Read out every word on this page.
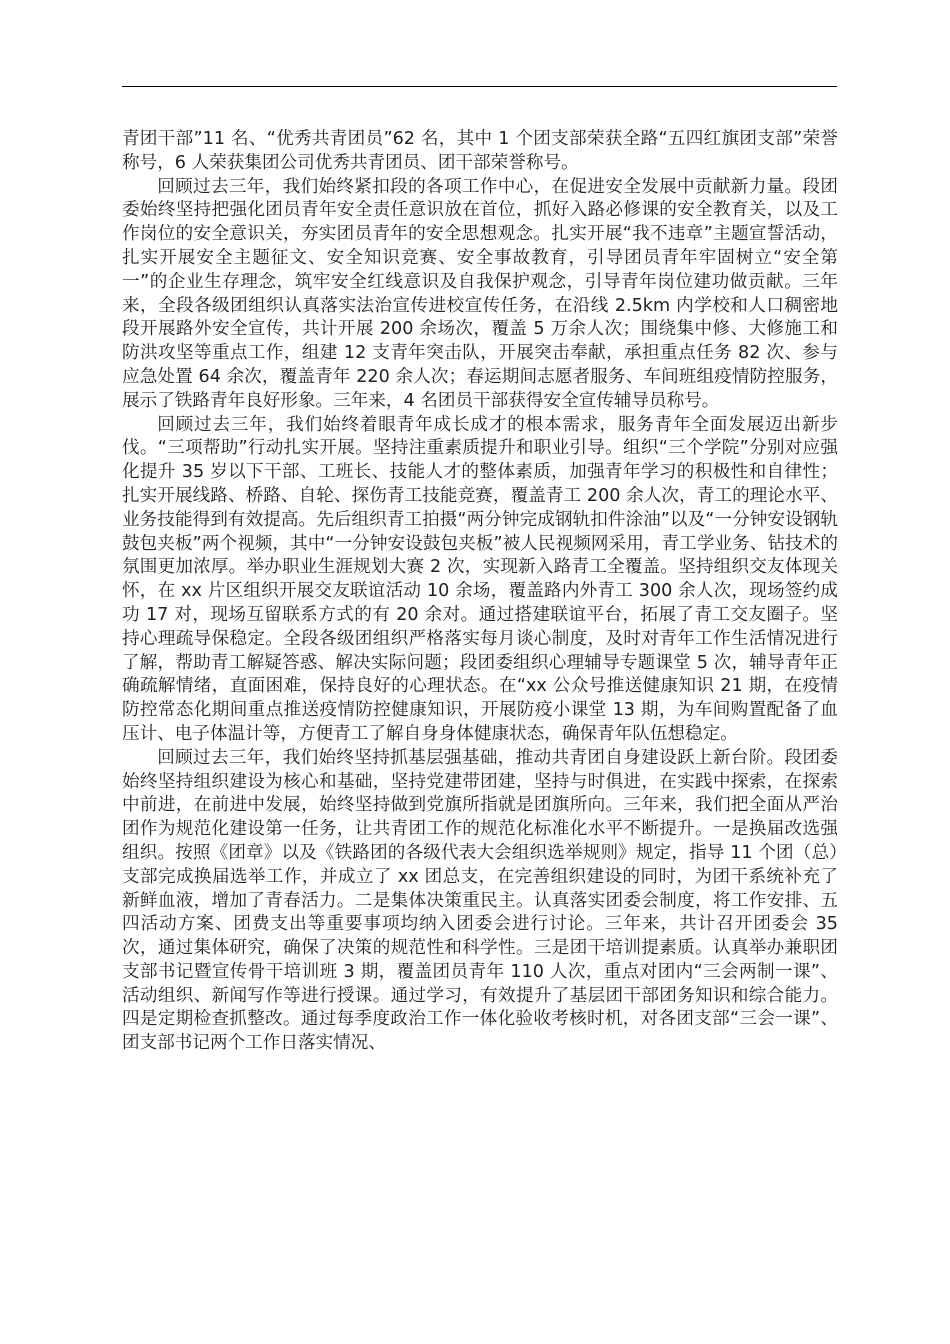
青团干部”11 名、“优秀共青团员”62 名，其中 1 个团支部荣获全路“五四红旗团支部”荣誉称号，6 人荣获集团公司优秀共青团员、团干部荣誉称号。

回顾过去三年，我们始终紧扣段的各项工作中心，在促进安全发展中贡献新力量。段团委始终坚持把强化团员青年安全责任意识放在首位，抓好入路必修课的安全教育关，以及工作岗位的安全意识关，夯实团员青年的安全思想观念。扎实开展“我不违章”主题宣誓活动，扎实开展安全主题征文、安全知识竞赛、安全事故教育，引导团员青年牢固树立“安全第一”的企业生存理念，筑牢安全红线意识及自我保护观念，引导青年岗位建功做贡献。三年来，全段各级团组织认真落实法治宣传进校宣传任务，在沿线 2.5km 内学校和人口稠密地段开展路外安全宣传，共计开展 200 余场次，覆盖 5 万余人次；围绕集中修、大修施工和防洪攻坚等重点工作，组建 12 支青年突击队，开展突击奉献，承担重点任务 82 次、参与应急处置 64 余次，覆盖青年 220 余人次；春运期间志愿者服务、车间班组疫情防控服务，展示了铁路青年良好形象。三年来，4 名团员干部获得安全宣传辅导员称号。

回顾过去三年，我们始终着眼青年成长成才的根本需求，服务青年全面发展迈出新步伐。“三项帮助”行动扎实开展。坚持注重素质提升和职业引导。组织“三个学院”分别对应强化提升 35 岁以下干部、工班长、技能人才的整体素质，加强青年学习的积极性和自律性；扎实开展线路、桥路、自轮、探伤青工技能竞赛，覆盖青工 200 余人次，青工的理论水平、业务技能得到有效提高。先后组织青工拍摄“两分钟完成钢轨扣件涂油”以及“一分钟安设钢轨鼓包夹板”两个视频，其中“一分钟安设鼓包夹板”被人民视频网采用，青工学业务、钻技术的氛围更加浓厚。举办职业生涯规划大赛 2 次，实现新入路青工全覆盖。坚持组织交友体现关怀，在 xx 片区组织开展交友联谊活动 10 余场，覆盖路内外青工 300 余人次，现场签约成功 17 对，现场互留联系方式的有 20 余对。通过搭建联谊平台，拓展了青工交友圈子。坚持心理疏导保稳定。全段各级团组织严格落实每月谈心制度，及时对青年工作生活情况进行了解，帮助青工解疑答惑、解决实际问题；段团委组织心理辅导专题课堂 5 次，辅导青年正确疏解情绪，直面困难，保持良好的心理状态。在“xx 公众号推送健康知识 21 期，在疫情防控常态化期间重点推送疫情防控健康知识，开展防疫小课堂 13 期，为车间购置配备了血压计、电子体温计等，方便青工了解自身身体健康状态，确保青年队伍想稳定。

回顾过去三年，我们始终坚持抓基层强基础，推动共青团自身建设跃上新台阶。段团委始终坚持组织建设为核心和基础，坚持党建带团建，坚持与时俱进，在实践中探索，在探索中前进，在前进中发展，始终坚持做到党旗所指就是团旗所向。三年来，我们把全面从严治团作为规范化建设第一任务，让共青团工作的规范化标准化水平不断提升。一是换届改选强组织。按照《团章》以及《铁路团的各级代表大会组织选举规则》规定，指导 11 个团（总）支部完成换届选举工作，并成立了 xx 团总支，在完善组织建设的同时，为团干系统补充了新鲜血液，增加了青春活力。二是集体决策重民主。认真落实团委会制度，将工作安排、五四活动方案、团费支出等重要事项均纳入团委会进行讨论。三年来，共计召开团委会 35 次，通过集体研究，确保了决策的规范性和科学性。三是团干培训提素质。认真举办兼职团支部书记暨宣传骨干培训班 3 期，覆盖团员青年 110 人次，重点对团内“三会两制一课”、活动组织、新闻写作等进行授课。通过学习，有效提升了基层团干部团务知识和综合能力。四是定期检查抓整改。通过每季度政治工作一体化验收考核时机，对各团支部“三会一课”、团支部书记两个工作日落实情况、
